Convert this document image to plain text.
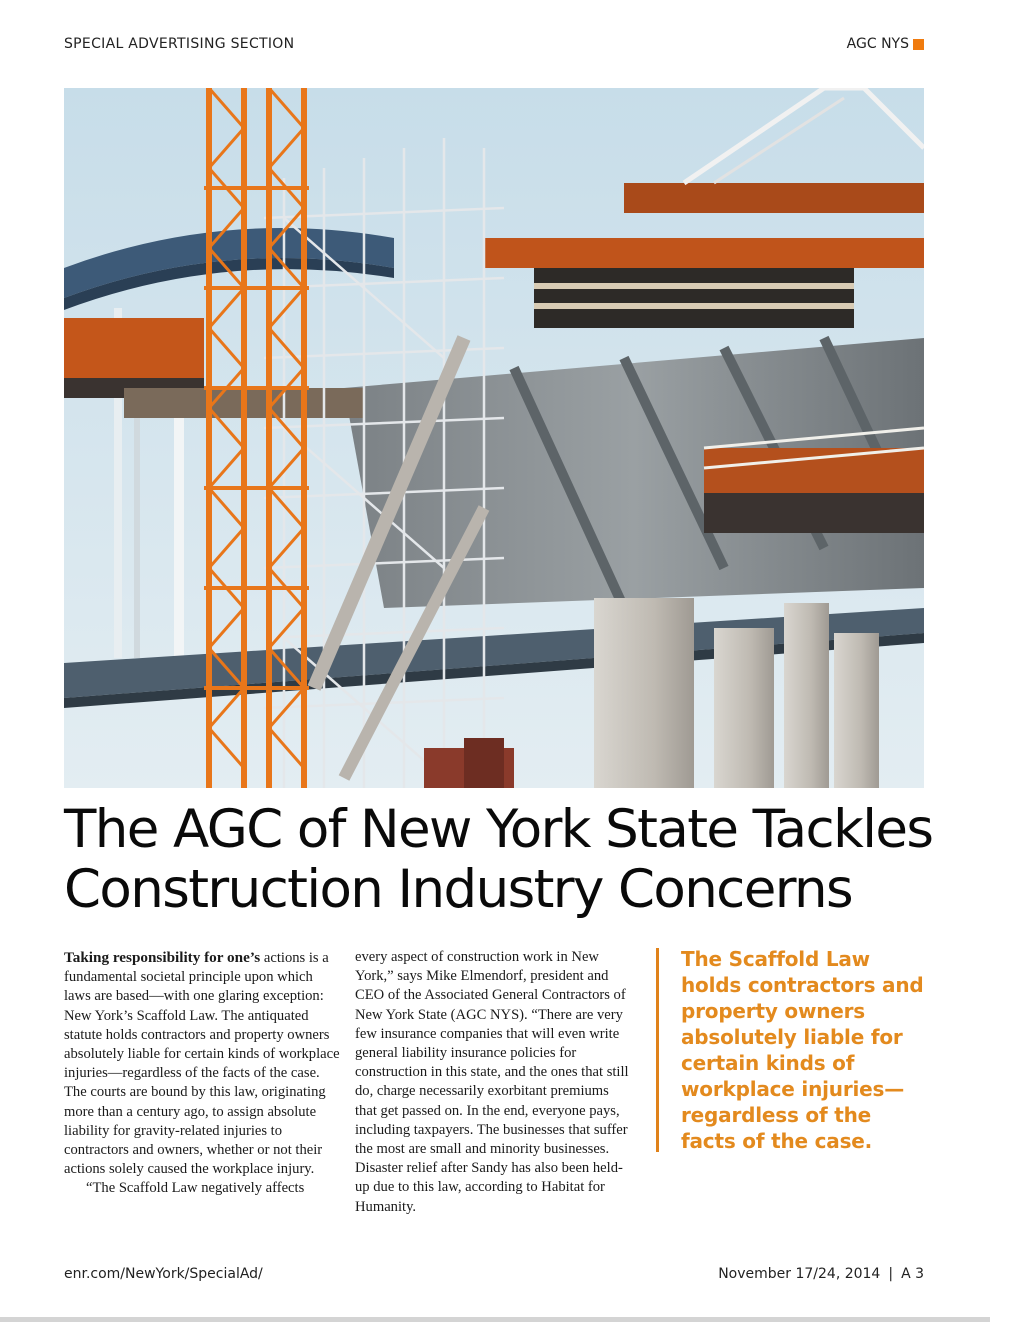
SPECIAL ADVERTISING SECTION	AGC NYS
The AGC of New York State Tackles
Construction Industry Concerns

Taking responsibility for one’s actions is a fundamental societal principle upon which laws are based—with one glaring exception: New York’s Scaffold Law. The antiquated statute holds contractors and property owners absolutely liable for certain kinds of workplace injuries—regardless of the facts of the case. The courts are bound by this law, originating more than a century ago, to assign absolute liability for gravity-related injuries to contractors and owners, whether or not their actions solely caused the workplace injury.

“The Scaffold Law negatively affects

every aspect of construction work in New York,” says Mike Elmendorf, president and CEO of the Associated General Contractors of New York State (AGC NYS). “There are very few insurance companies that will even write general liability insurance policies for construction in this state, and the ones that still do, charge necessarily exorbitant premiums that get passed on. In the end, everyone pays, including taxpayers. The businesses that suffer the most are small and minority businesses. Disaster relief after Sandy has also been held-up due to this law, according to Habitat for Humanity.

The Scaffold Law holds contractors and property owners absolutely liable for certain kinds of workplace injuries—regardless of the facts of the case.
enr.com/NewYork/SpecialAd/	November 17/24, 2014 | A 3
